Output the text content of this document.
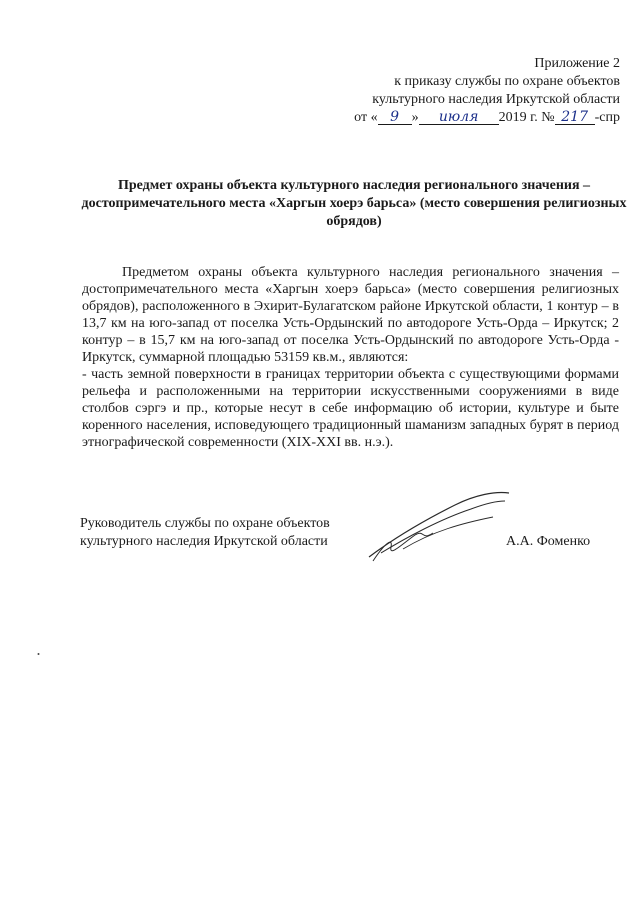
Приложение 2
к приказу службы по охране объектов
культурного наследия Иркутской области
от « 9 » июля 2019 г. № 217 -спр
Предмет охраны объекта культурного наследия регионального значения – достопримечательного места «Харгын хоерэ барьса» (место совершения религиозных обрядов)

Предметом охраны объекта культурного наследия регионального значения – достопримечательного места «Харгын хоерэ барьса» (место совершения религиозных обрядов), расположенного в Эхирит-Булагатском районе Иркутской области, 1 контур – в 13,7 км на юго-запад от поселка Усть-Ордынский по автодороге Усть-Орда – Иркутск; 2 контур – в 15,7 км на юго-запад от поселка Усть-Ордынский по автодороге Усть-Орда - Иркутск, суммарной площадью 53159 кв.м., являются:

- часть земной поверхности в границах территории объекта с существующими формами рельефа и расположенными на территории искусственными сооружениями в виде столбов сэргэ и пр., которые несут в себе информацию об истории, культуре и быте коренного населения, исповедующего традиционный шаманизм западных бурят в период этнографической современности (XIX-XXI вв. н.э.).

Руководитель службы по охране объектов
культурного наследия Иркутской области	А.А. Фоменко
